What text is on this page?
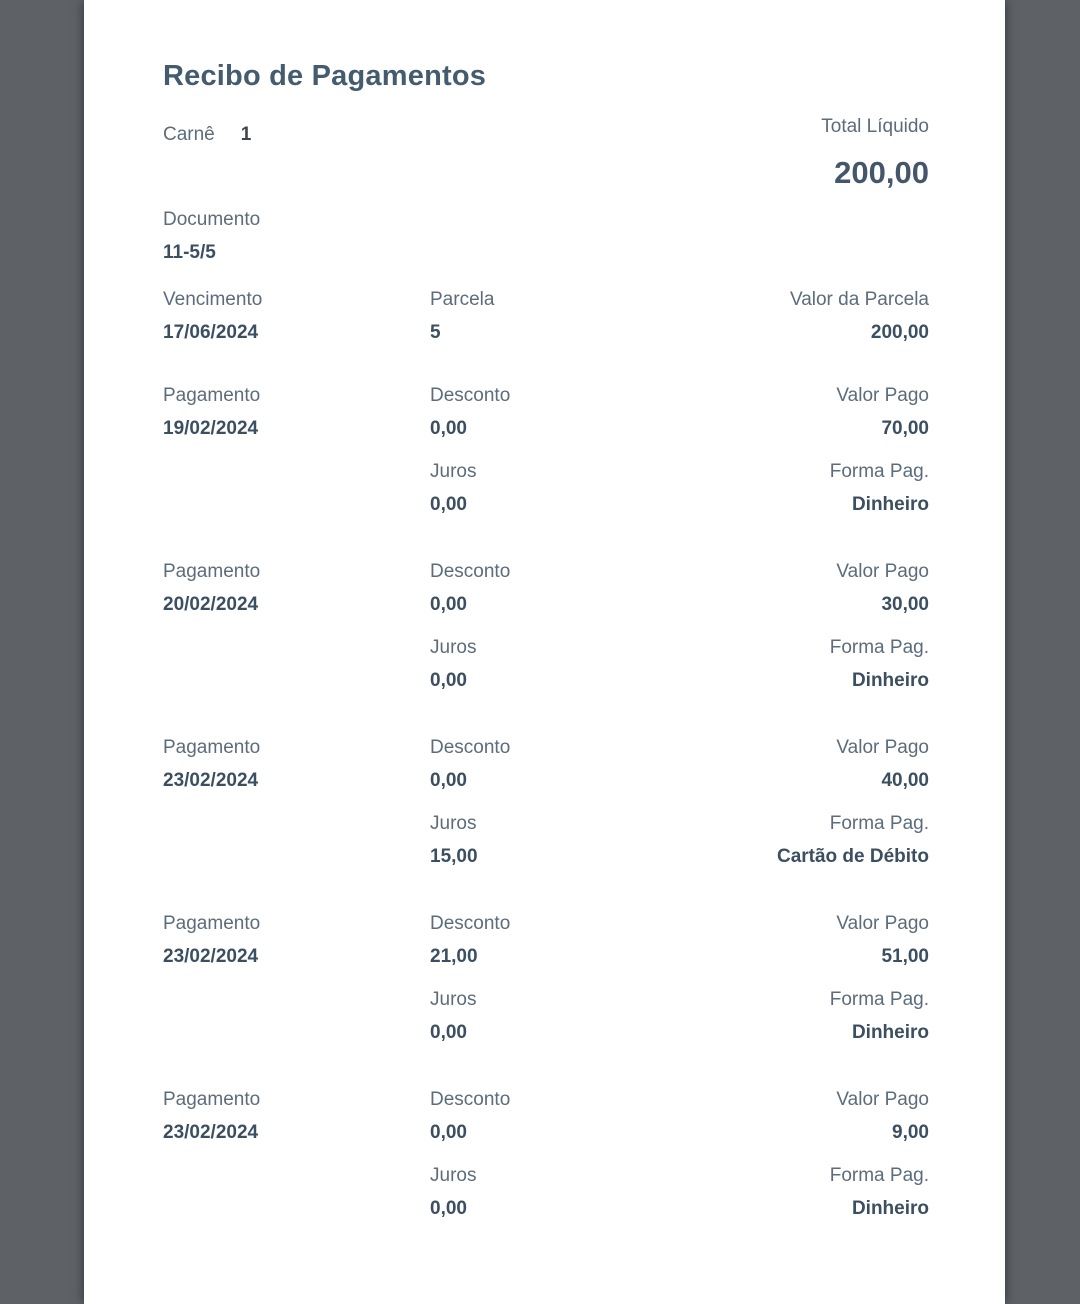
Recibo de Pagamentos
Carnê 1	Total Líquido
200,00
Documento
11-5/5
Vencimento
17/06/2024
Parcela
5
Valor da Parcela
200,00
Pagamento
19/02/2024
Desconto
0,00
Juros
0,00
Valor Pago
70,00
Forma Pag.
Dinheiro
Pagamento
20/02/2024
Desconto
0,00
Juros
0,00
Valor Pago
30,00
Forma Pag.
Dinheiro
Pagamento
23/02/2024
Desconto
0,00
Juros
15,00
Valor Pago
40,00
Forma Pag.
Cartão de Débito
Pagamento
23/02/2024
Desconto
21,00
Juros
0,00
Valor Pago
51,00
Forma Pag.
Dinheiro
Pagamento
23/02/2024
Desconto
0,00
Juros
0,00
Valor Pago
9,00
Forma Pag.
Dinheiro
